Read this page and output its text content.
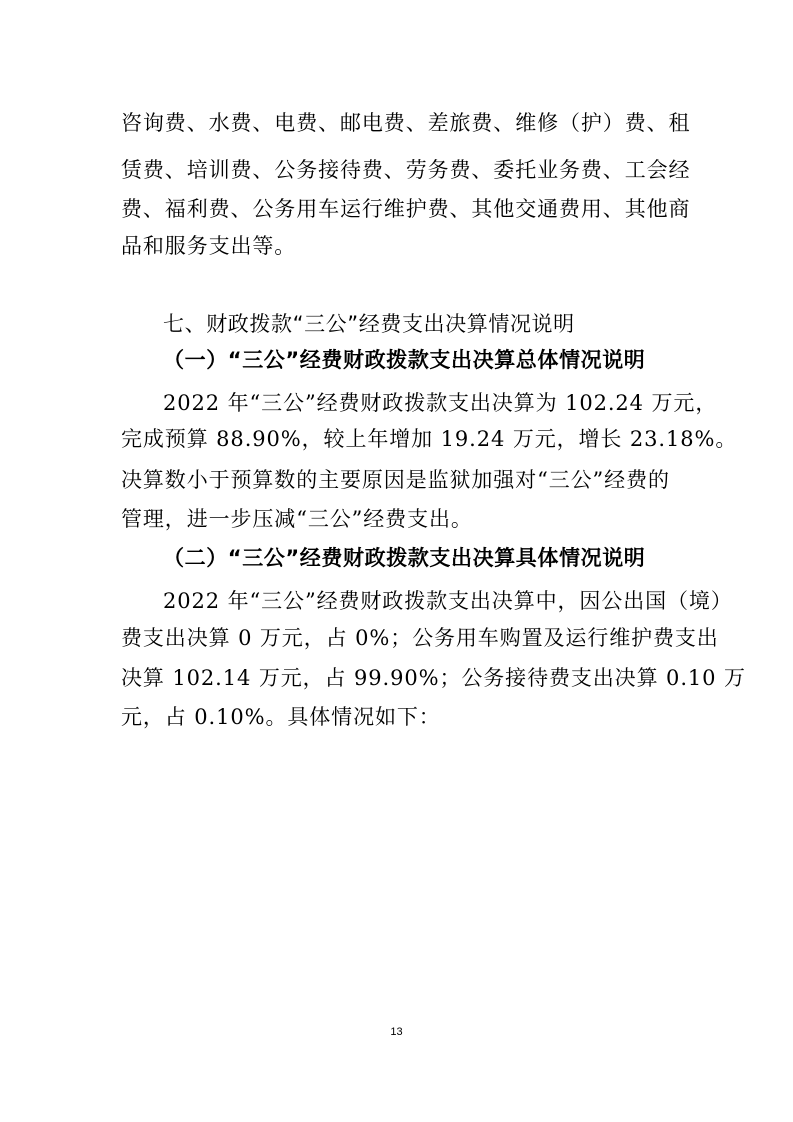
咨询费、水费、电费、邮电费、差旅费、维修（护）费、租
赁费、培训费、公务接待费、劳务费、委托业务费、工会经
费、福利费、公务用车运行维护费、其他交通费用、其他商
品和服务支出等。
七、财政拨款“三公”经费支出决算情况说明
（一）“三公”经费财政拨款支出决算总体情况说明
2022 年“三公”经费财政拨款支出决算为 102.24 万元，
完成预算 88.90%，较上年增加 19.24 万元，增长 23.18%。
决算数小于预算数的主要原因是监狱加强对“三公”经费的
管理，进一步压减“三公”经费支出。
（二）“三公”经费财政拨款支出决算具体情况说明
2022 年“三公”经费财政拨款支出决算中，因公出国（境）
费支出决算 0 万元，占 0%；公务用车购置及运行维护费支出
决算 102.14 万元，占 99.90%；公务接待费支出决算 0.10 万
元，占 0.10%。具体情况如下：
13
